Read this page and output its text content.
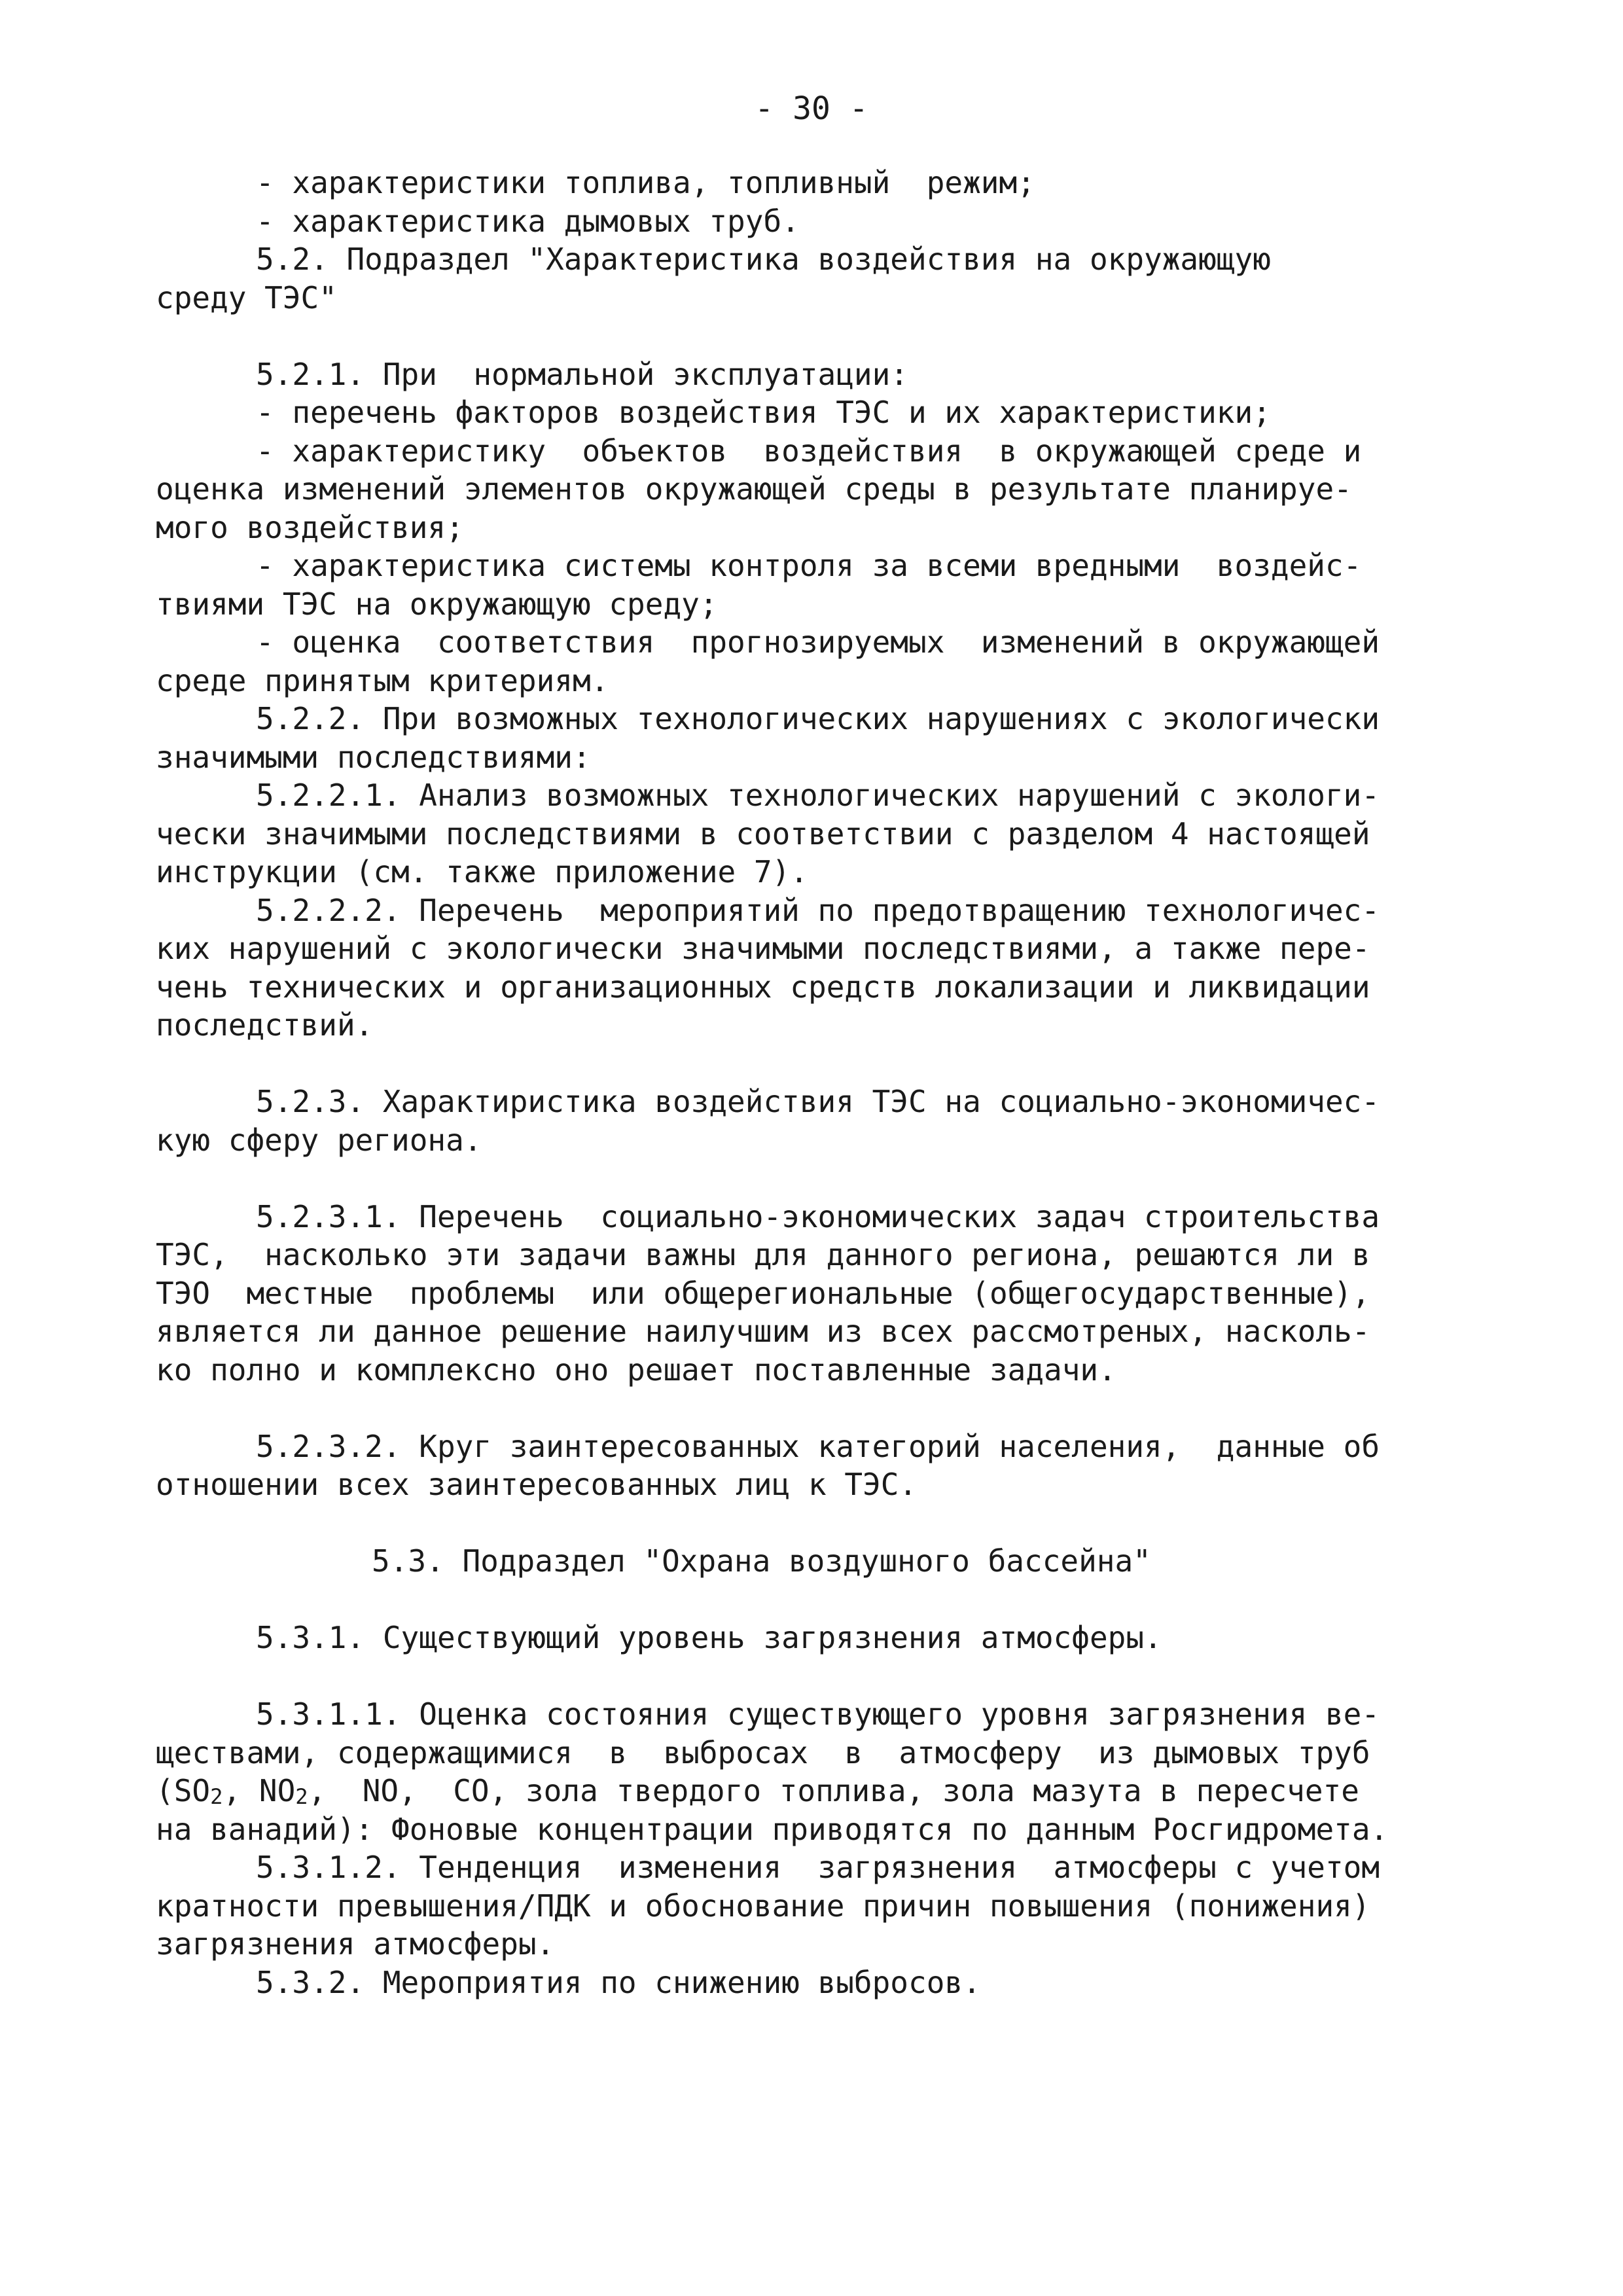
- 30 -
- характеристики топлива, топливный  режим;
- характеристика дымовых труб.
5.2. Подраздел "Характеристика воздействия на окружающую
среду ТЭС"
5.2.1. При  нормальной эксплуатации:
- перечень факторов воздействия ТЭС и их характеристики;
- характеристику  объектов  воздействия  в окружающей среде и
оценка изменений элементов окружающей среды в результате планируе-
мого воздействия;
- характеристика системы контроля за всеми вредными  воздейс-
твиями ТЭС на окружающую среду;
- оценка  соответствия  прогнозируемых  изменений в окружающей
среде принятым критериям.
5.2.2. При возможных технологических нарушениях с экологически
значимыми последствиями:
5.2.2.1. Анализ возможных технологических нарушений с экологи-
чески значимыми последствиями в соответствии с разделом 4 настоящей
инструкции (см. также приложение 7).
5.2.2.2. Перечень  мероприятий по предотвращению технологичес-
ких нарушений с экологически значимыми последствиями, а также пере-
чень технических и организационных средств локализации и ликвидации
последствий.
5.2.3. Характиристика воздействия ТЭС на социально-экономичес-
кую сферу региона.
5.2.3.1. Перечень  социально-экономических задач строительства
ТЭС,  насколько эти задачи важны для данного региона, решаются ли в
ТЭО  местные  проблемы  или общерегиональные (общегосударственные),
является ли данное решение наилучшим из всех рассмотреных, насколь-
ко полно и комплексно оно решает поставленные задачи.
5.2.3.2. Круг заинтересованных категорий населения,  данные об
отношении всех заинтересованных лиц к ТЭС.
5.3. Подраздел "Охрана воздушного бассейна"
5.3.1. Существующий уровень загрязнения атмосферы.
5.3.1.1. Оценка состояния существующего уровня загрязнения ве-
ществами, содержащимися  в  выбросах  в  атмосферу  из дымовых труб
($SO_2$, $NO_2$,  NO,  CO, зола твердого топлива, зола мазута в пересчете
на ванадий): Фоновые концентрации приводятся по данным Росгидромета.
5.3.1.2. Тенденция  изменения  загрязнения  атмосферы с учетом
кратности превышения/ПДК и обоснование причин повышения (понижения)
загрязнения атмосферы.
5.3.2. Мероприятия по снижению выбросов.
